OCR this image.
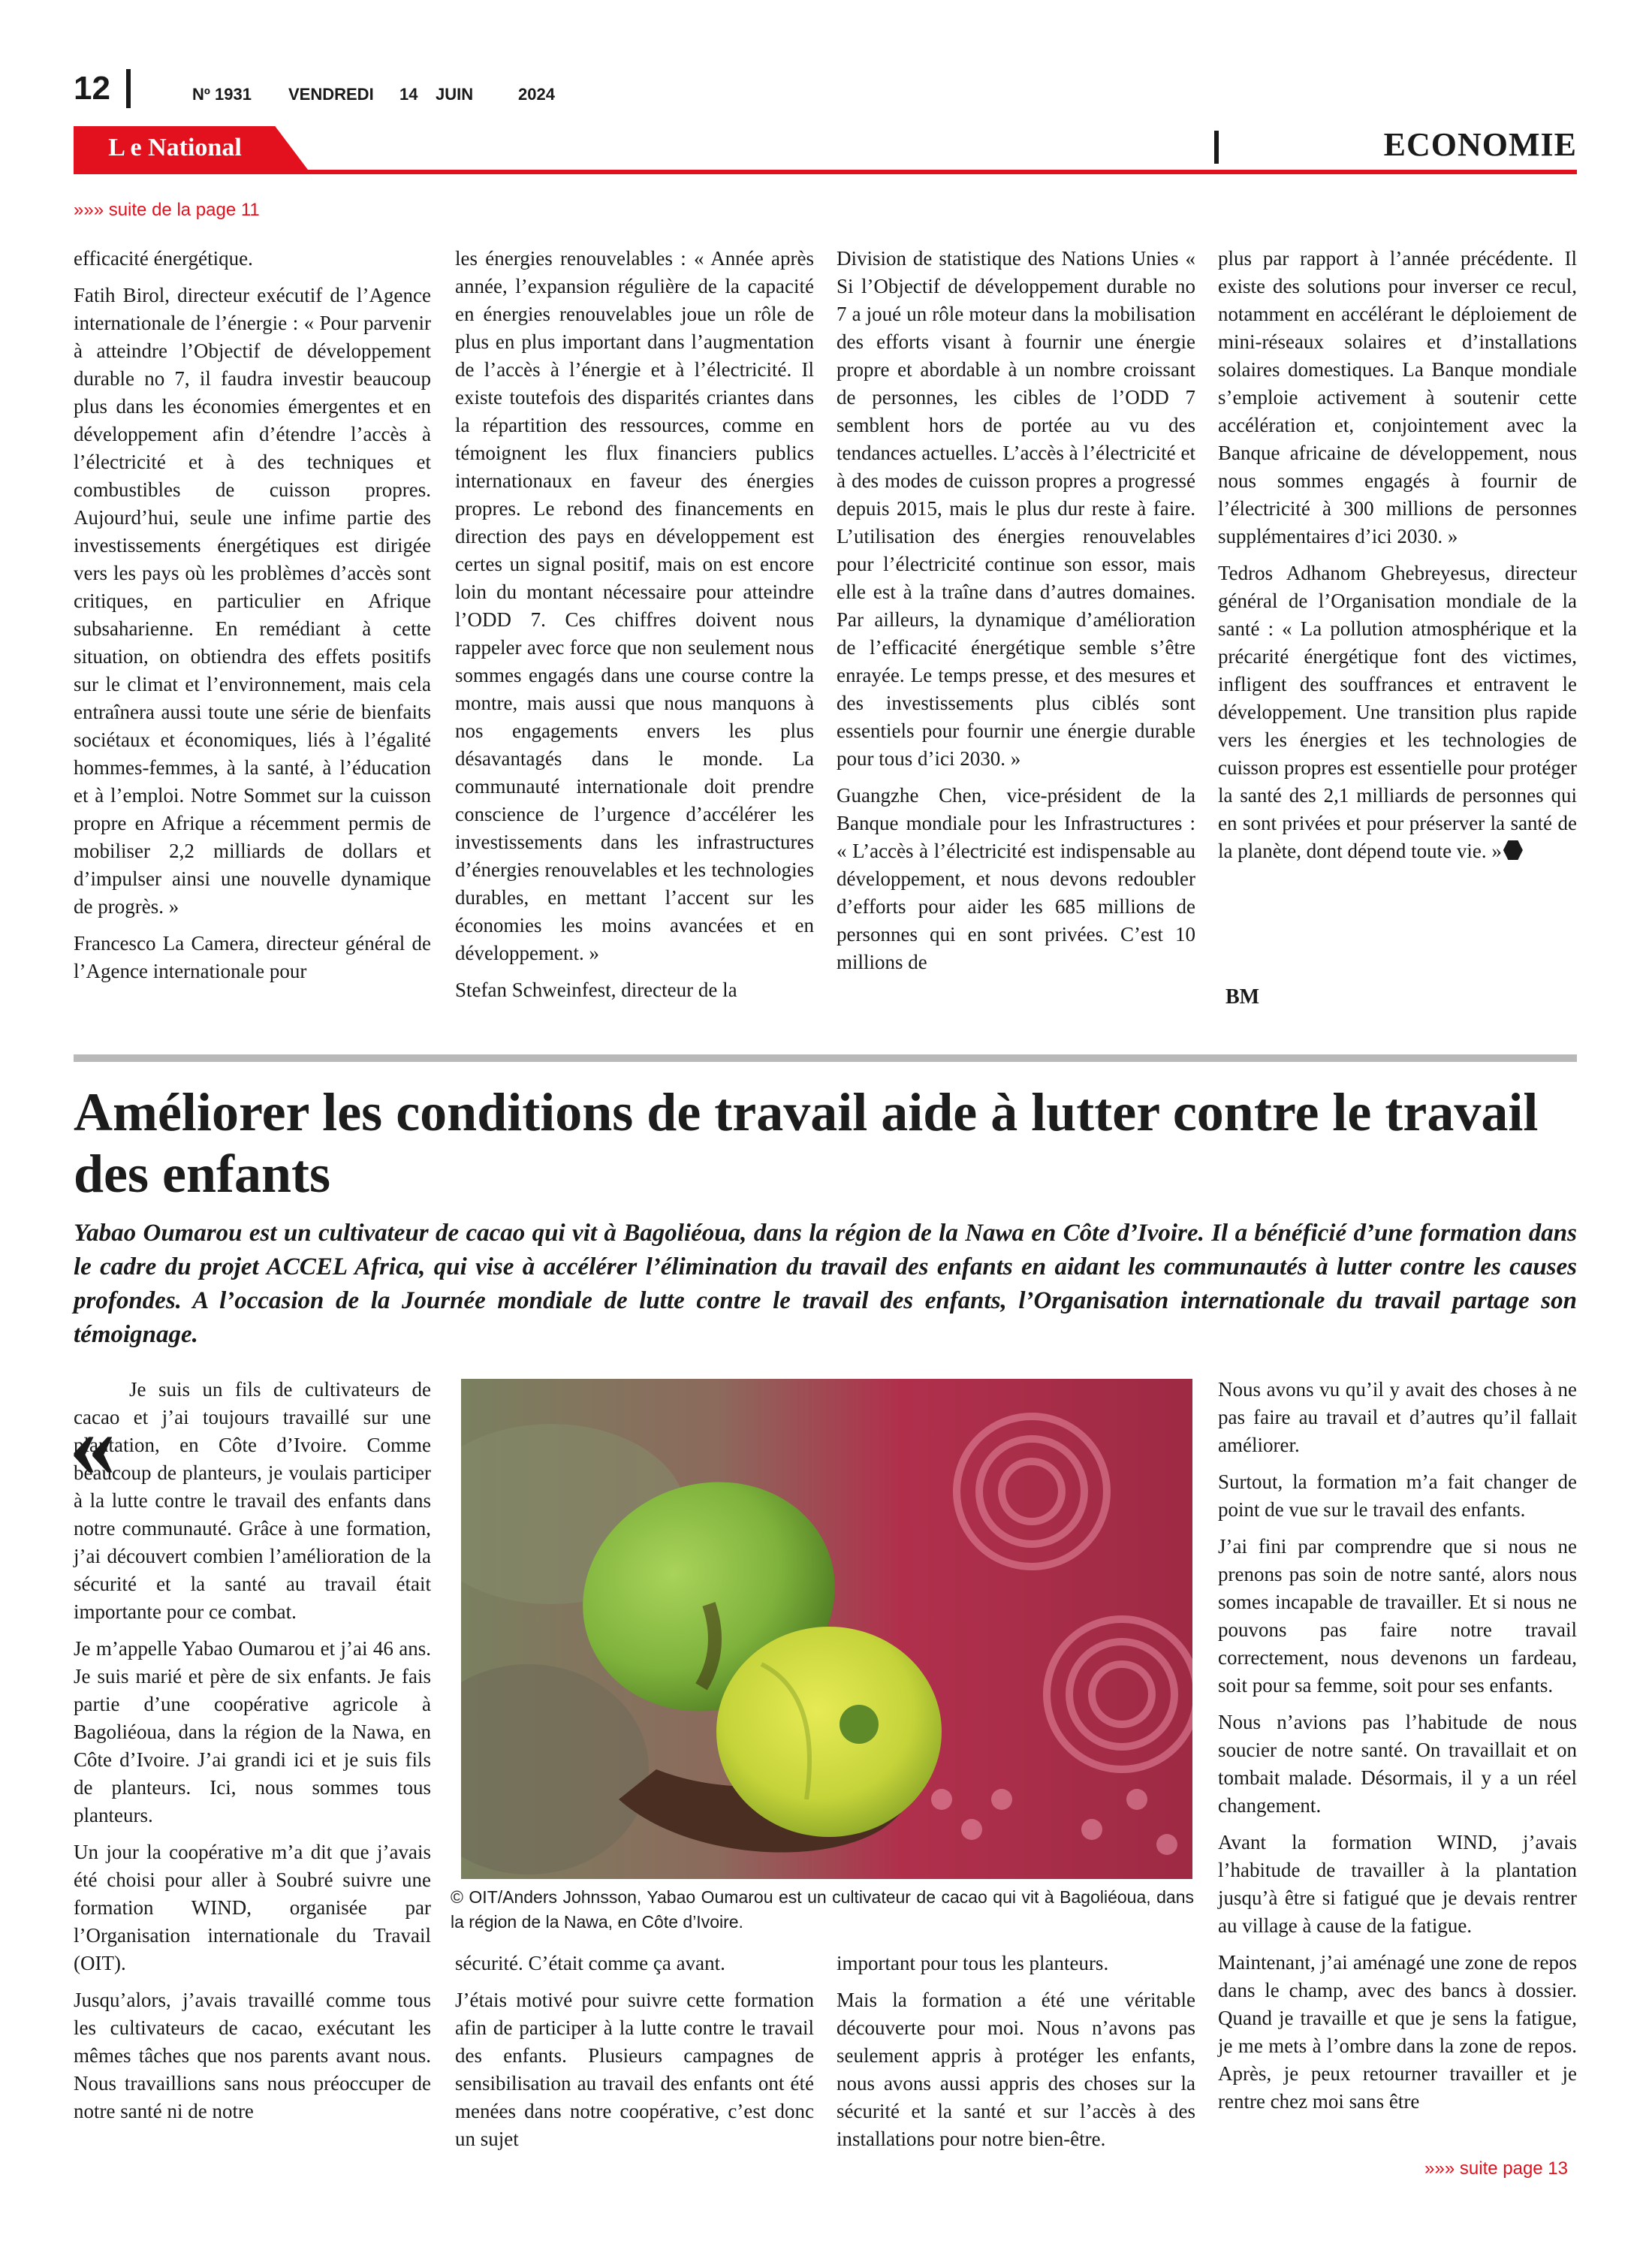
12	Nº 1931 VENDREDI 14 JUIN	2024
L e National	ECONOMIE
»»» suite de la page 11

efficacité énergétique.

Fatih Birol, directeur exécutif de l’Agence internationale de l’énergie : « Pour parvenir à atteindre l’Objectif de développement durable no 7, il faudra investir beaucoup plus dans les économies émergentes et en développement afin d’étendre l’accès à l’électricité et à des techniques et combustibles de cuisson propres. Aujourd’hui, seule une infime partie des investissements énergétiques est dirigée vers les pays où les problèmes d’accès sont critiques, en particulier en Afrique subsaharienne. En remédiant à cette situation, on obtiendra des effets positifs sur le climat et l’environnement, mais cela entraînera aussi toute une série de bienfaits sociétaux et économiques, liés à l’égalité hommes-femmes, à la santé, à l’éducation et à l’emploi. Notre Sommet sur la cuisson propre en Afrique a récemment permis de mobiliser 2,2 milliards de dollars et d’impulser ainsi une nouvelle dynamique de progrès. »

Francesco La Camera, directeur général de l’Agence internationale pour

les énergies renouvelables : « Année après année, l’expansion régulière de la capacité en énergies renouvelables joue un rôle de plus en plus important dans l’augmentation de l’accès à l’énergie et à l’électricité. Il existe toutefois des disparités criantes dans la répartition des ressources, comme en témoignent les flux financiers publics internationaux en faveur des énergies propres. Le rebond des financements en direction des pays en développement est certes un signal positif, mais on est encore loin du montant nécessaire pour atteindre l’ODD 7. Ces chiffres doivent nous rappeler avec force que non seulement nous sommes engagés dans une course contre la montre, mais aussi que nous manquons à nos engagements envers les plus désavantagés dans le monde. La communauté internationale doit prendre conscience de l’urgence d’accélérer les investissements dans les infrastructures d’énergies renouvelables et les technologies durables, en mettant l’accent sur les économies les moins avancées et en développement. »

Stefan Schweinfest, directeur de la

Division de statistique des Nations Unies « Si l’Objectif de développement durable no 7 a joué un rôle moteur dans la mobilisation des efforts visant à fournir une énergie propre et abordable à un nombre croissant de personnes, les cibles de l’ODD 7 semblent hors de portée au vu des tendances actuelles. L’accès à l’électricité et à des modes de cuisson propres a progressé depuis 2015, mais le plus dur reste à faire. L’utilisation des énergies renouvelables pour l’électricité continue son essor, mais elle est à la traîne dans d’autres domaines. Par ailleurs, la dynamique d’amélioration de l’efficacité énergétique semble s’être enrayée. Le temps presse, et des mesures et des investissements plus ciblés sont essentiels pour fournir une énergie durable pour tous d’ici 2030. »

Guangzhe Chen, vice-président de la Banque mondiale pour les Infrastructures : « L’accès à l’électricité est indispensable au développement, et nous devons redoubler d’efforts pour aider les 685 millions de personnes qui en sont privées. C’est 10 millions de

plus par rapport à l’année précédente. Il existe des solutions pour inverser ce recul, notamment en accélérant le déploiement de mini-réseaux solaires et d’installations solaires domestiques. La Banque mondiale s’emploie activement à soutenir cette accélération et, conjointement avec la Banque africaine de développement, nous nous sommes engagés à fournir de l’électricité à 300 millions de personnes supplémentaires d’ici 2030. »

Tedros Adhanom Ghebreyesus, directeur général de l’Organisation mondiale de la santé : « La pollution atmosphérique et la précarité énergétique font des victimes, infligent des souffrances et entravent le développement. Une transition plus rapide vers les énergies et les technologies de cuisson propres est essentielle pour protéger la santé des 2,1 milliards de personnes qui en sont privées et pour préserver la santé de la planète, dont dépend toute vie. »

BM
Améliorer les conditions de travail aide à lutter contre le travail des enfants

Yabao Oumarou est un cultivateur de cacao qui vit à Bagoliéoua, dans la région de la Nawa en Côte d’Ivoire. Il a bénéficié d’une formation dans le cadre du projet ACCEL Africa, qui vise à accélérer l’élimination du travail des enfants en aidant les communautés à lutter contre les causes profondes. A l’occasion de la Journée mondiale de lutte contre le travail des enfants, l’Organisation internationale du travail partage son témoignage.

Je suis un fils de cultivateurs de cacao et j’ai toujours travaillé sur une plantation, en Côte d’Ivoire. Comme beaucoup de planteurs, je voulais participer à la lutte contre le travail des enfants dans notre communauté. Grâce à une formation, j’ai découvert combien l’amélioration de la sécurité et la santé au travail était importante pour ce combat.

Je m’appelle Yabao Oumarou et j’ai 46 ans. Je suis marié et père de six enfants. Je fais partie d’une coopérative agricole à Bagoliéoua, dans la région de la Nawa, en Côte d’Ivoire. J’ai grandi ici et je suis fils de planteurs. Ici, nous sommes tous planteurs.

Un jour la coopérative m’a dit que j’avais été choisi pour aller à Soubré suivre une formation WIND, organisée par l’Organisation internationale du Travail (OIT).

Jusqu’alors, j’avais travaillé comme tous les cultivateurs de cacao, exécutant les mêmes tâches que nos parents avant nous. Nous travaillions sans nous préoccuper de notre santé ni de notre

«

© OIT/Anders Johnsson, Yabao Oumarou est un cultivateur de cacao qui vit à Bagoliéoua, dans la région de la Nawa, en Côte d’Ivoire.

sécurité. C’était comme ça avant.

J’étais motivé pour suivre cette formation afin de participer à la lutte contre le travail des enfants. Plusieurs campagnes de sensibilisation au travail des enfants ont été menées dans notre coopérative, c’est donc un sujet

important pour tous les planteurs.

Mais la formation a été une véritable découverte pour moi. Nous n’avons pas seulement appris à protéger les enfants, nous avons aussi appris des choses sur la sécurité et la santé et sur l’accès à des installations pour notre bien-être.

Nous avons vu qu’il y avait des choses à ne pas faire au travail et d’autres qu’il fallait améliorer.

Surtout, la formation m’a fait changer de point de vue sur le travail des enfants.

J’ai fini par comprendre que si nous ne prenons pas soin de notre santé, alors nous somes incapable de travailler. Et si nous ne pouvons pas faire notre travail correctement, nous devenons un fardeau, soit pour sa femme, soit pour ses enfants.

Nous n’avions pas l’habitude de nous soucier de notre santé. On travaillait et on tombait malade. Désormais, il y a un réel changement.

Avant la formation WIND, j’avais l’habitude de travailler à la plantation jusqu’à être si fatigué que je devais rentrer au village à cause de la fatigue.

Maintenant, j’ai aménagé une zone de repos dans le champ, avec des bancs à dossier. Quand je travaille et que je sens la fatigue, je me mets à l’ombre dans la zone de repos. Après, je peux retourner travailler et je rentre chez moi sans être

»»» suite page 13
